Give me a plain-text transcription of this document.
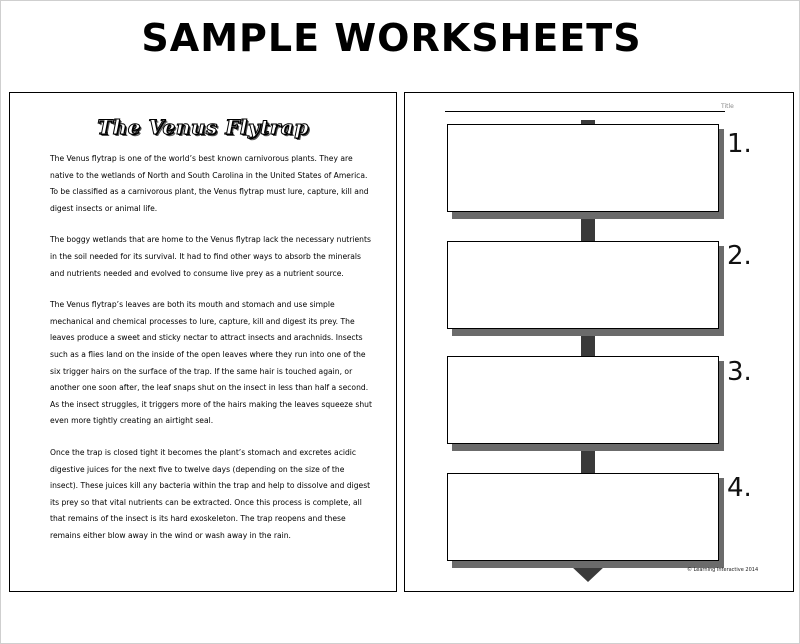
SAMPLE WORKSHEETS
The Venus Flytrap

The Venus flytrap is one of the world’s best known carnivorous plants. They are native to the wetlands of North and South Carolina in the United States of America. To be classified as a carnivorous plant, the Venus flytrap must lure, capture, kill and digest insects or animal life.

The boggy wetlands that are home to the Venus flytrap lack the necessary nutrients in the soil needed for its survival. It had to find other ways to absorb the minerals and nutrients needed and evolved to consume live prey as a nutrient source.

The Venus flytrap’s leaves are both its mouth and stomach and use simple mechanical and chemical processes to lure, capture, kill and digest its prey. The leaves produce a sweet and sticky nectar to attract insects and arachnids. Insects such as a flies land on the inside of the open leaves where they run into one of the six trigger hairs on the surface of the trap. If the same hair is touched again, or another one soon after, the leaf snaps shut on the insect in less than half a second. As the insect struggles, it triggers more of the hairs making the leaves squeeze shut even more tightly creating an airtight seal.

Once the trap is closed tight it becomes the plant’s stomach and excretes acidic digestive juices for the next five to twelve days (depending on the size of the insect). These juices kill any bacteria within the trap and help to dissolve and digest its prey so that vital nutrients can be extracted. Once this process is complete, all that remains of the insect is its hard exoskeleton. The trap reopens and these remains either blow away in the wind or wash away in the rain.

Title
1.
2.
3.
4.
© Learning Interactive 2014
